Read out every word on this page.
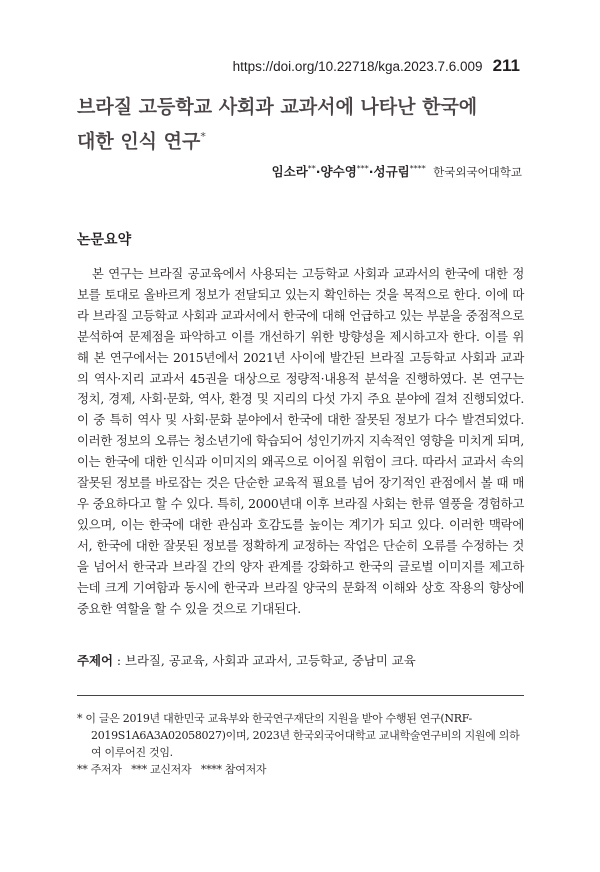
https://doi.org/10.22718/kga.2023.7.6.009 211
브라질 고등학교 사회과 교과서에 나타난 한국에
대한 인식 연구*
임소라**·양수영***·성규림**** 한국외국어대학교
논문요약

본 연구는 브라질 공교육에서 사용되는 고등학교 사회과 교과서의 한국에 대한 정보를 토대로 올바르게 정보가 전달되고 있는지 확인하는 것을 목적으로 한다. 이에 따라 브라질 고등학교 사회과 교과서에서 한국에 대해 언급하고 있는 부분을 중점적으로 분석하여 문제점을 파악하고 이를 개선하기 위한 방향성을 제시하고자 한다. 이를 위해 본 연구에서는 2015년에서 2021년 사이에 발간된 브라질 고등학교 사회과 교과의 역사·지리 교과서 45권을 대상으로 정량적·내용적 분석을 진행하였다. 본 연구는 정치, 경제, 사회·문화, 역사, 환경 및 지리의 다섯 가지 주요 분야에 걸쳐 진행되었다. 이 중 특히 역사 및 사회·문화 분야에서 한국에 대한 잘못된 정보가 다수 발견되었다. 이러한 정보의 오류는 청소년기에 학습되어 성인기까지 지속적인 영향을 미치게 되며, 이는 한국에 대한 인식과 이미지의 왜곡으로 이어질 위험이 크다. 따라서 교과서 속의 잘못된 정보를 바로잡는 것은 단순한 교육적 필요를 넘어 장기적인 관점에서 볼 때 매우 중요하다고 할 수 있다. 특히, 2000년대 이후 브라질 사회는 한류 열풍을 경험하고 있으며, 이는 한국에 대한 관심과 호감도를 높이는 계기가 되고 있다. 이러한 맥락에서, 한국에 대한 잘못된 정보를 정확하게 교정하는 작업은 단순히 오류를 수정하는 것을 넘어서 한국과 브라질 간의 양자 관계를 강화하고 한국의 글로벌 이미지를 제고하는데 크게 기여함과 동시에 한국과 브라질 양국의 문화적 이해와 상호 작용의 향상에 중요한 역할을 할 수 있을 것으로 기대된다.

주제어 : 브라질, 공교육, 사회과 교과서, 고등학교, 중남미 교육

* 이 글은 2019년 대한민국 교육부와 한국연구재단의 지원을 받아 수행된 연구(NRF-2019S1A6A3A02058027)이며, 2023년 한국외국어대학교 교내학술연구비의 지원에 의하여 이루어진 것임.

** 주저자 *** 교신저자 **** 참여저자
